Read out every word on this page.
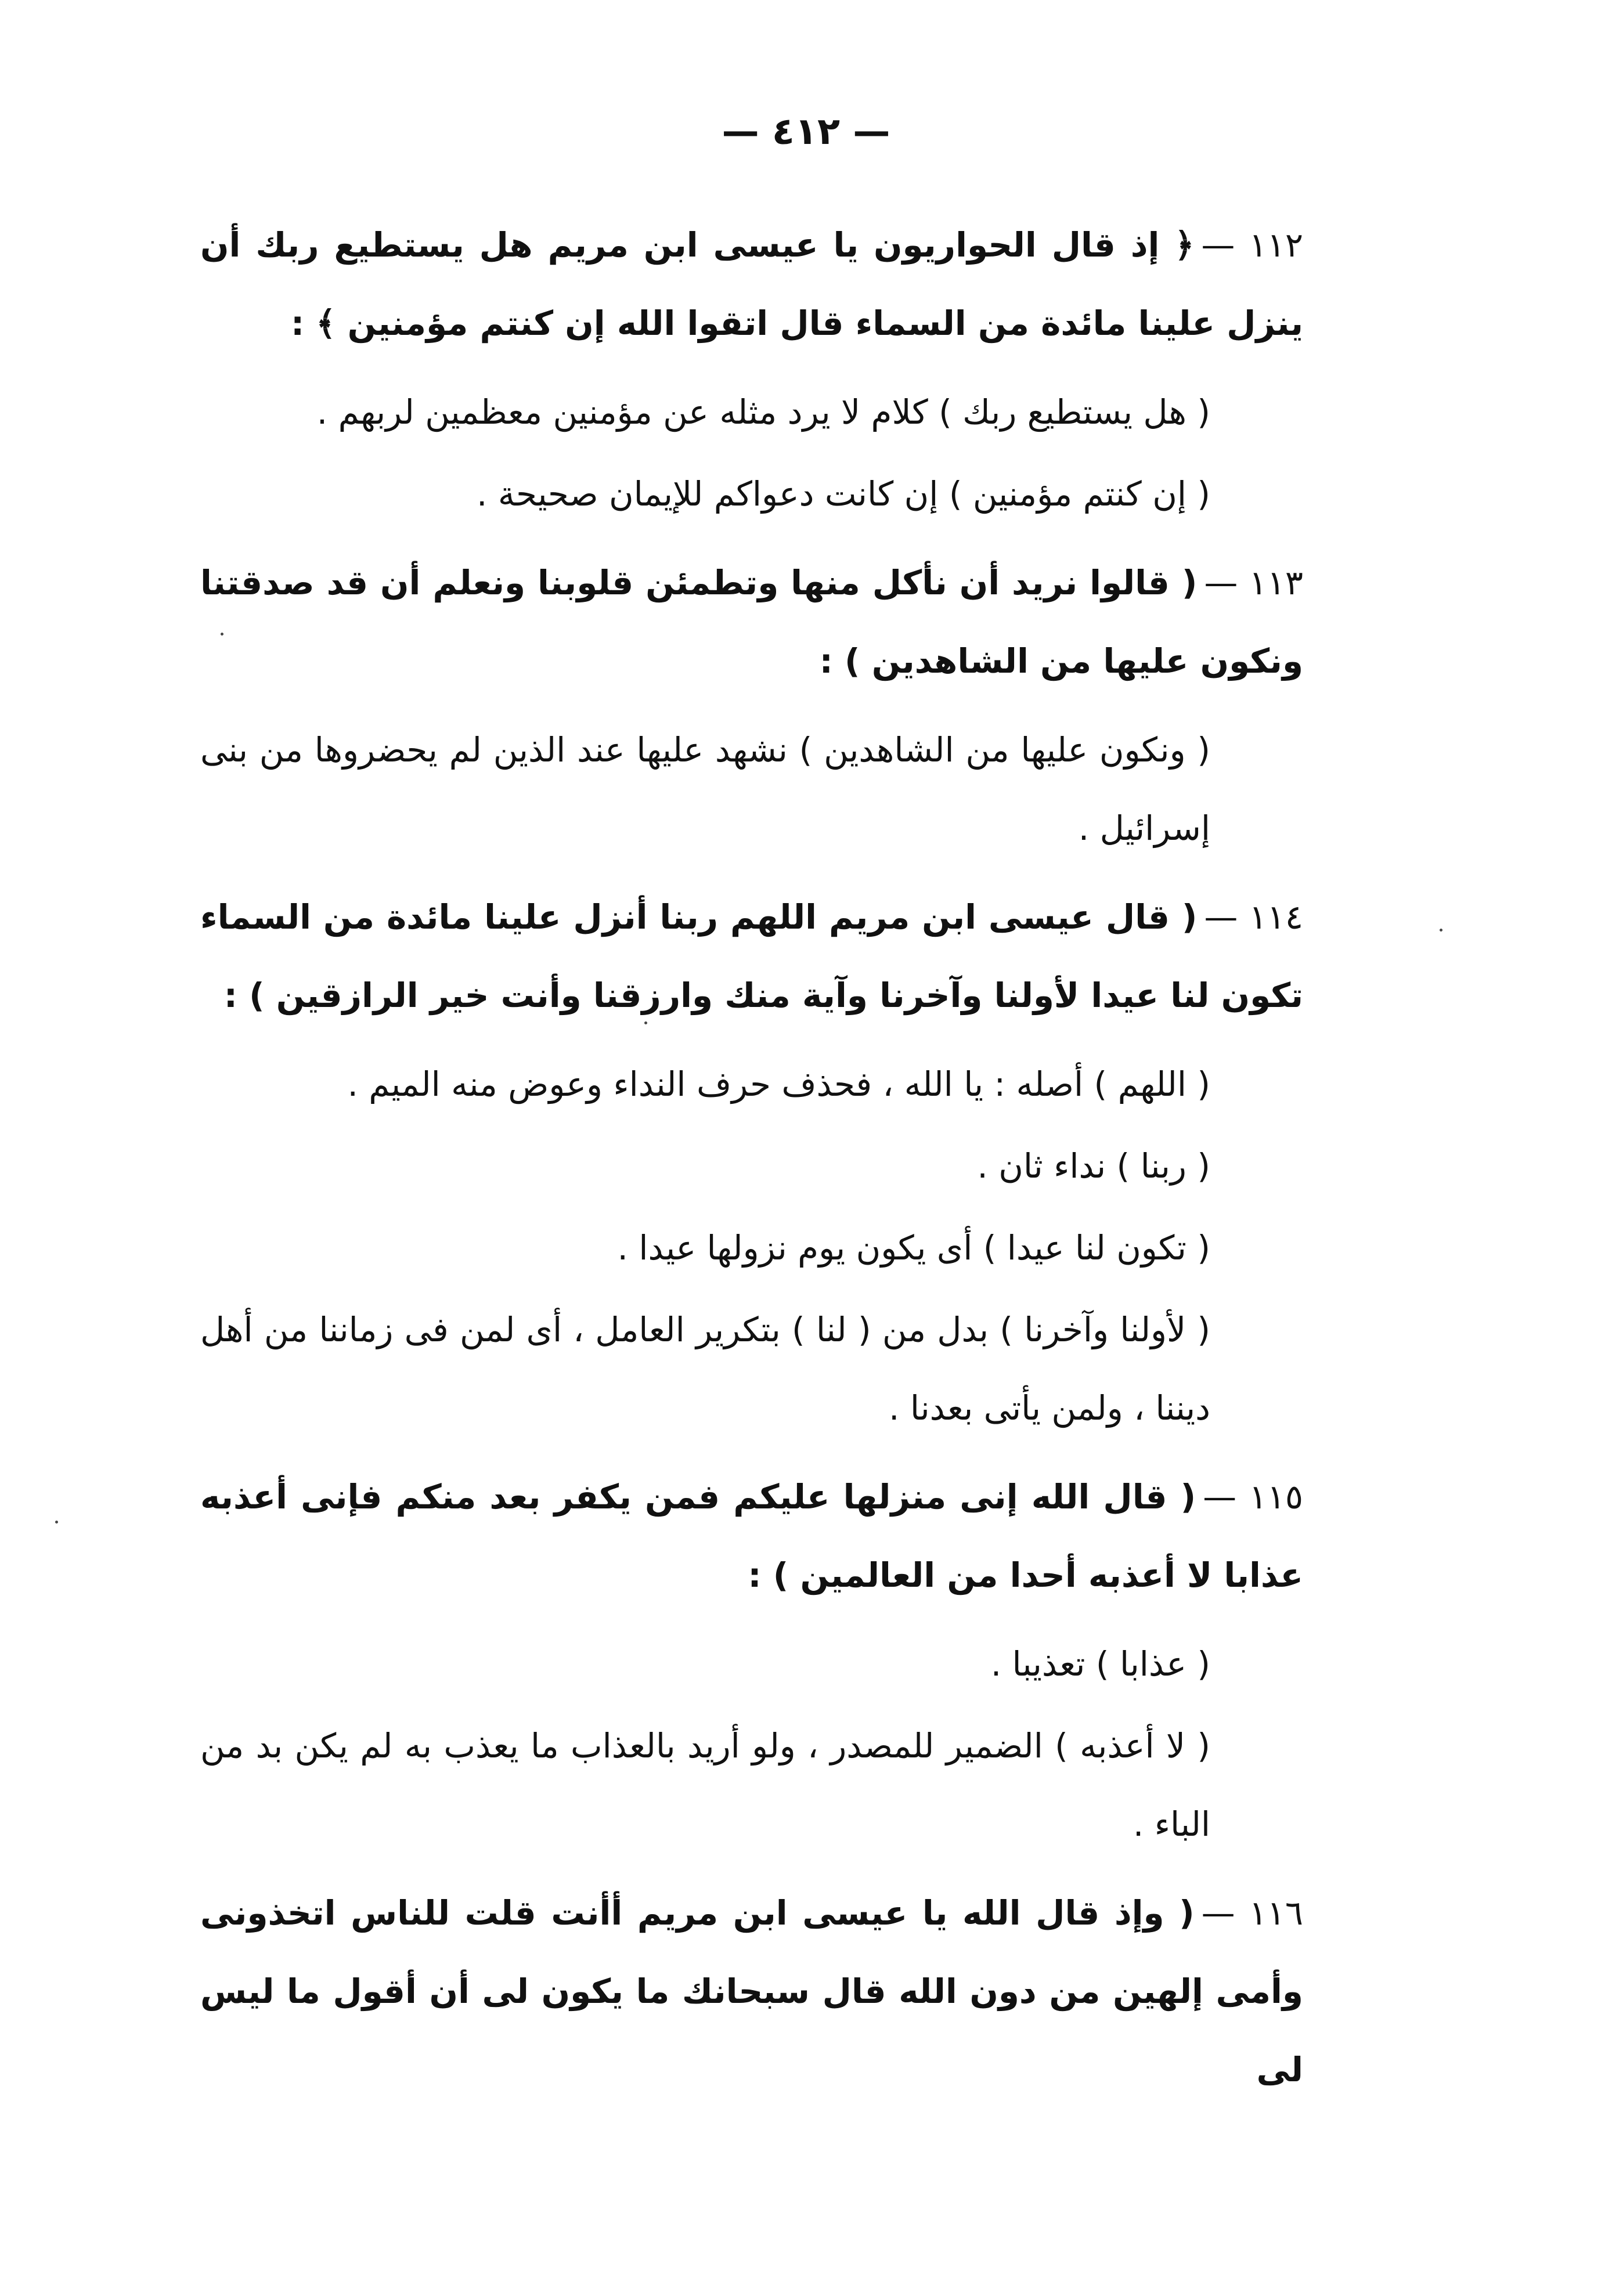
— ٤١٢ —

١١٢ —﴿ إذ قال الحواريون يا عيسى ابن مريم هل يستطيع ربك أن ينزل علينا مائدة من السماء قال اتقوا الله إن كنتم مؤمنين ﴾ :

( هل يستطيع ربك ) كلام لا يرد مثله عن مؤمنين معظمين لربهم .

( إن كنتم مؤمنين ) إن كانت دعواكم للإيمان صحيحة .

١١٣ —( قالوا نريد أن نأكل منها وتطمئن قلوبنا ونعلم أن قد صدقتنا ونكون عليها من الشاهدين ) :

( ونكون عليها من الشاهدين ) نشهد عليها عند الذين لم يحضروها من بنى إسرائيل .

١١٤ —( قال عيسى ابن مريم اللهم ربنا أنزل علينا مائدة من السماء تكون لنا عيدا لأولنا وآخرنا وآية منك وارزقنا وأنت خير الرازقين ) :

( اللهم ) أصله : يا الله ، فحذف حرف النداء وعوض منه الميم .

( ربنا ) نداء ثان .

( تكون لنا عيدا ) أى يكون يوم نزولها عيدا .

( لأولنا وآخرنا ) بدل من ( لنا ) بتكرير العامل ، أى لمن فى زماننا من أهل ديننا ، ولمن يأتى بعدنا .

١١٥ —( قال الله إنى منزلها عليكم فمن يكفر بعد منكم فإنى أعذبه عذابا لا أعذبه أحدا من العالمين ) :

( عذابا ) تعذيبا .

( لا أعذبه ) الضمير للمصدر ، ولو أريد بالعذاب ما يعذب به لم يكن بد من الباء .

١١٦ —( وإذ قال الله يا عيسى ابن مريم أأنت قلت للناس اتخذونى وأمى إلهين من دون الله قال سبحانك ما يكون لى أن أقول ما ليس لى
